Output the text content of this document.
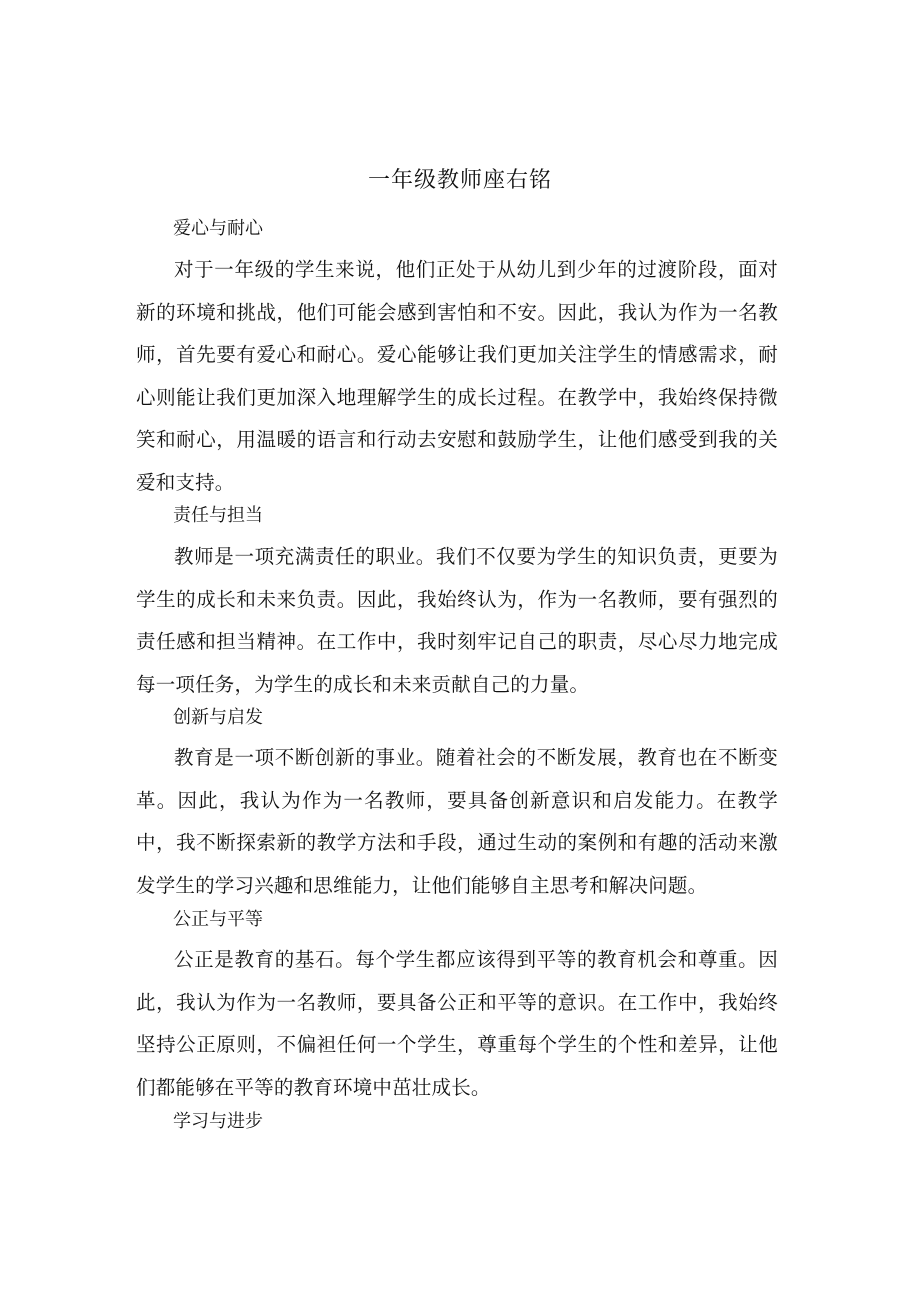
一年级教师座右铭
爱心与耐心

对于一年级的学生来说，他们正处于从幼儿到少年的过渡阶段，面对新的环境和挑战，他们可能会感到害怕和不安。因此，我认为作为一名教师，首先要有爱心和耐心。爱心能够让我们更加关注学生的情感需求，耐心则能让我们更加深入地理解学生的成长过程。在教学中，我始终保持微笑和耐心，用温暖的语言和行动去安慰和鼓励学生，让他们感受到我的关爱和支持。

责任与担当

教师是一项充满责任的职业。我们不仅要为学生的知识负责，更要为学生的成长和未来负责。因此，我始终认为，作为一名教师，要有强烈的责任感和担当精神。在工作中，我时刻牢记自己的职责，尽心尽力地完成每一项任务，为学生的成长和未来贡献自己的力量。

创新与启发

教育是一项不断创新的事业。随着社会的不断发展，教育也在不断变革。因此，我认为作为一名教师，要具备创新意识和启发能力。在教学中，我不断探索新的教学方法和手段，通过生动的案例和有趣的活动来激发学生的学习兴趣和思维能力，让他们能够自主思考和解决问题。

公正与平等

公正是教育的基石。每个学生都应该得到平等的教育机会和尊重。因此，我认为作为一名教师，要具备公正和平等的意识。在工作中，我始终坚持公正原则，不偏袒任何一个学生，尊重每个学生的个性和差异，让他们都能够在平等的教育环境中茁壮成长。

学习与进步
